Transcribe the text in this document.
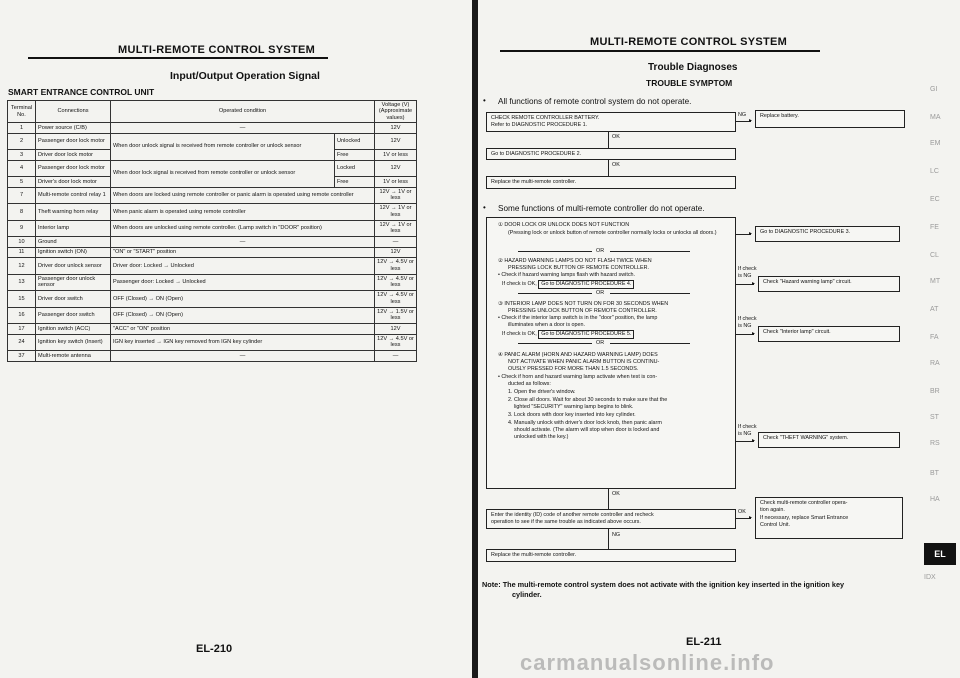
MULTI-REMOTE CONTROL SYSTEM
Input/Output Operation Signal
SMART ENTRANCE CONTROL UNIT
Terminal No.	Connections	Operated condition		Voltage (V) (Approximate values)
1	Power source (C/B)	—		12V
2	Passenger door lock motor	When door unlock signal is received from remote controller or unlock sensor	Unlocked	12V
3	Driver door lock motor		Free	1V or less
4	Passenger door lock motor	When door lock signal is received from remote controller or unlock sensor	Locked	12V
5	Driver's door lock motor		Free	1V or less
7	Multi-remote control relay 1	When doors are locked using remote controller or panic alarm is operated using remote controller		12V → 1V or less
8	Theft warning horn relay	When panic alarm is operated using remote controller		12V → 1V or less
9	Interior lamp	When doors are unlocked using remote controller. (Lamp switch in "DOOR" position)		12V → 1V or less
10	Ground	—		—
11	Ignition switch (ON)	"ON" or "START" position		12V
12	Driver door unlock sensor	Driver door: Locked → Unlocked		12V → 4.5V or less
13	Passenger door unlock sensor	Passenger door: Locked → Unlocked		12V → 4.5V or less
15	Driver door switch	OFF (Closed) → ON (Open)		12V → 4.5V or less
16	Passenger door switch	OFF (Closed) → ON (Open)		12V → 1.5V or less
17	Ignition switch (ACC)	"ACC" or "ON" position		12V
24	Ignition key switch (Insert)	IGN key inserted → IGN key removed from IGN key cylinder		12V → 4.5V or less
37	Multi-remote antenna	—		—
EL-210
MULTI-REMOTE CONTROL SYSTEM
Trouble Diagnoses
TROUBLE SYMPTOM
• All functions of remote control system do not operate.
CHECK REMOTE CONTROLLER BATTERY.
Refer to DIAGNOSTIC PROCEDURE 1.
NG
▸
Replace battery.
OK
Go to DIAGNOSTIC PROCEDURE 2.
OK
Replace the multi-remote controller.
• Some functions of multi-remote controller do not operate.
① DOOR LOCK OR UNLOCK DOES NOT FUNCTION
(Pressing lock or unlock button of remote controller normally locks or unlocks all doors.)
OR
▸	Go to DIAGNOSTIC PROCEDURE 3.
② HAZARD WARNING LAMPS DO NOT FLASH TWICE WHEN
PRESSING LOCK BUTTON OF REMOTE CONTROLLER.
• Check if hazard warning lamps flash with hazard switch.
If check is OK, Go to DIAGNOSTIC PROCEDURE 4.
OR
If check
is NG
▸	Check "Hazard warning lamp" circuit.
③ INTERIOR LAMP DOES NOT TURN ON FOR 30 SECONDS WHEN
PRESSING UNLOCK BUTTON OF REMOTE CONTROLLER.
• Check if the interior lamp switch is in the "door" position, the lamp
illuminates when a door is open.
If check is OK, Go to DIAGNOSTIC PROCEDURE 5.
OR
If check
is NG
▸	Check "Interior lamp" circuit.
④ PANIC ALARM (HORN AND HAZARD WARNING LAMP) DOES
NOT ACTIVATE WHEN PANIC ALARM BUTTON IS CONTINU-
OUSLY PRESSED FOR MORE THAN 1.5 SECONDS.
• Check if horn and hazard warning lamp activate when test is con-
ducted as follows:
1. Open the driver's window.
2. Close all doors. Wait for about 30 seconds to make sure that the
lighted "SECURITY" warning lamp begins to blink.
3. Lock doors with door key inserted into key cylinder.
4. Manually unlock with driver's door lock knob, then panic alarm
should activate. (The alarm will stop when door is locked and
unlocked with the key.)
If check
is NG
▸	Check "THEFT WARNING" system.
OK
Enter the identity (ID) code of another remote controller and recheck
operation to see if the same trouble as indicated above occurs.
OK
▸
Check multi-remote controller opera-
tion again.
If necessary, replace Smart Entrance
Control Unit.
NG
Replace the multi-remote controller.
Note: The multi-remote control system does not activate with the ignition key inserted in the ignition key
cylinder.
EL-211
GI
MA
EM
LC
EC
FE
CL
MT
AT
FA
RA
BR
ST
RS
BT
HA
IDX
EL
carmanualsonline.info
